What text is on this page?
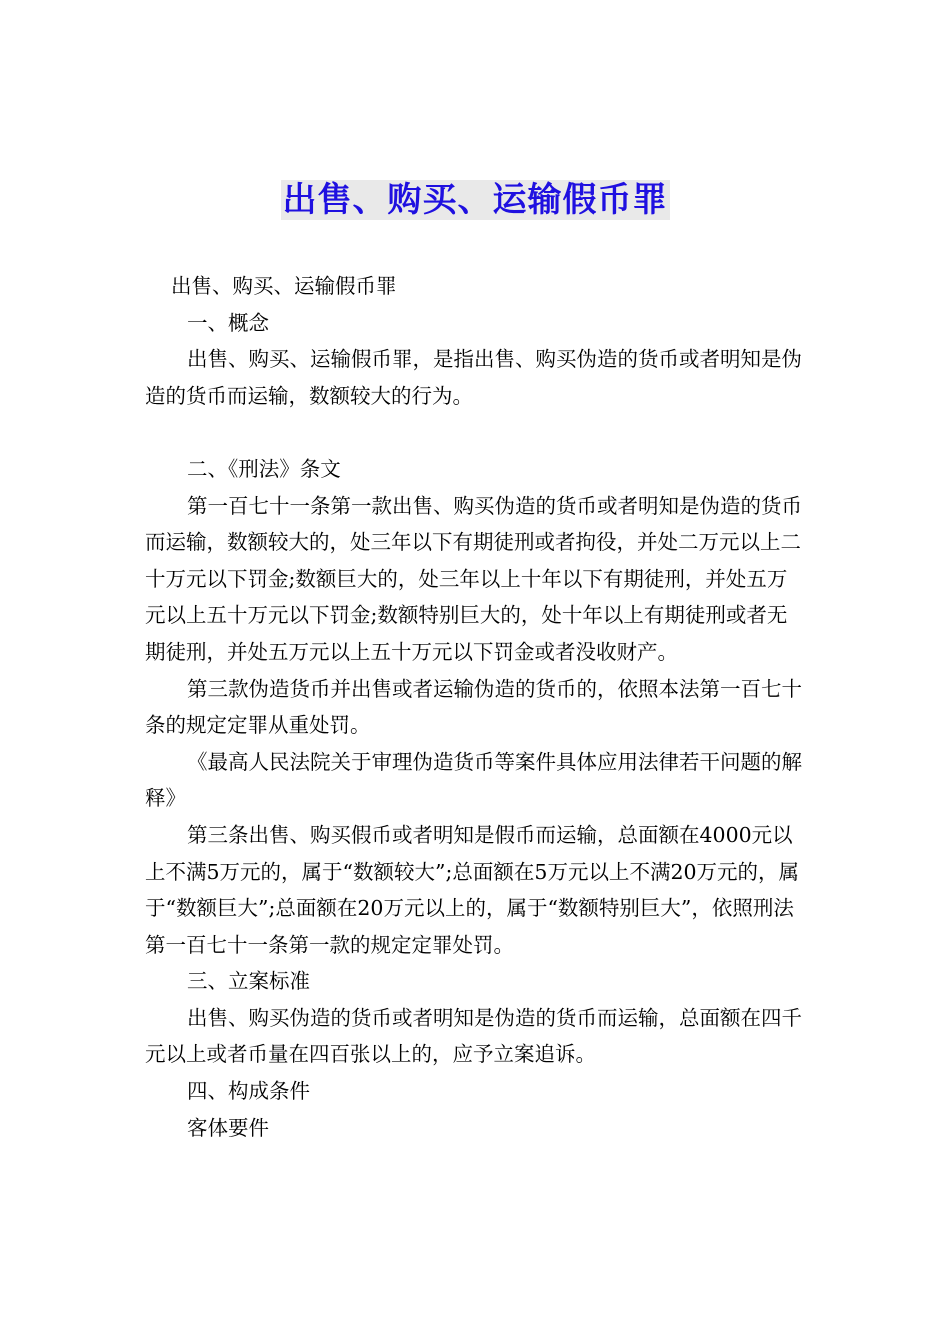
出售、购买、运输假币罪

出售、购买、运输假币罪

一、概念

出售、购买、运输假币罪，是指出售、购买伪造的货币或者明知是伪造的货币而运输，数额较大的行为。

二、《刑法》条文

第一百七十一条第一款出售、购买伪造的货币或者明知是伪造的货币而运输，数额较大的，处三年以下有期徒刑或者拘役，并处二万元以上二十万元以下罚金;数额巨大的，处三年以上十年以下有期徒刑，并处五万元以上五十万元以下罚金;数额特别巨大的，处十年以上有期徒刑或者无期徒刑，并处五万元以上五十万元以下罚金或者没收财产。

第三款伪造货币并出售或者运输伪造的货币的，依照本法第一百七十条的规定定罪从重处罚。

《最高人民法院关于审理伪造货币等案件具体应用法律若干问题的解释》

第三条出售、购买假币或者明知是假币而运输，总面额在4000元以上不满5万元的，属于“数额较大”;总面额在5万元以上不满20万元的，属于“数额巨大”;总面额在20万元以上的，属于“数额特别巨大”，依照刑法第一百七十一条第一款的规定定罪处罚。

三、立案标准

出售、购买伪造的货币或者明知是伪造的货币而运输，总面额在四千元以上或者币量在四百张以上的，应予立案追诉。

四、构成条件

客体要件
